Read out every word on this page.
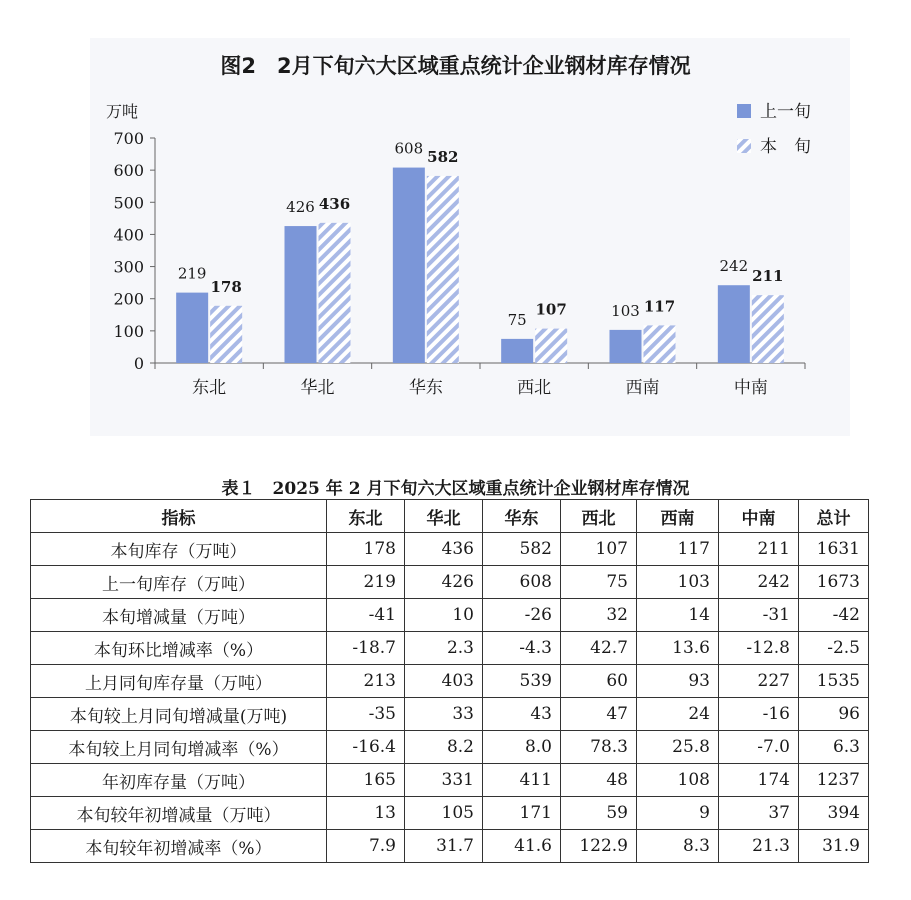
图2　2月下旬六大区域重点统计企业钢材库存情况
万吨
0
100
200
300
400
500
600
700
219
178
东北
426 436
华北
608 582
华东
75
107
西北
103 117
西南
242
211
中南
上一旬
本　旬
表１　2025 年 2 月下旬六大区域重点统计企业钢材库存情况
指标	东北	华北	华东	西北	西南	中南	总计
本旬库存（万吨）	178	436	582	107	117	211	1631
上一旬库存（万吨）	219	426	608	75	103	242	1673
本旬增减量（万吨）	-41	10	-26	32	14	-31	-42
本旬环比增减率（%）	-18.7	2.3	-4.3	42.7	13.6	-12.8	-2.5
上月同旬库存量（万吨）	213	403	539	60	93	227	1535
本旬较上月同旬增减量(万吨)	-35	33	43	47	24	-16	96
本旬较上月同旬增减率（%）	-16.4	8.2	8.0	78.3	25.8	-7.0	6.3
年初库存量（万吨）	165	331	411	48	108	174	1237
本旬较年初增减量（万吨）	13	105	171	59	9	37	394
本旬较年初增减率（%）	7.9	31.7	41.6	122.9	8.3	21.3	31.9
